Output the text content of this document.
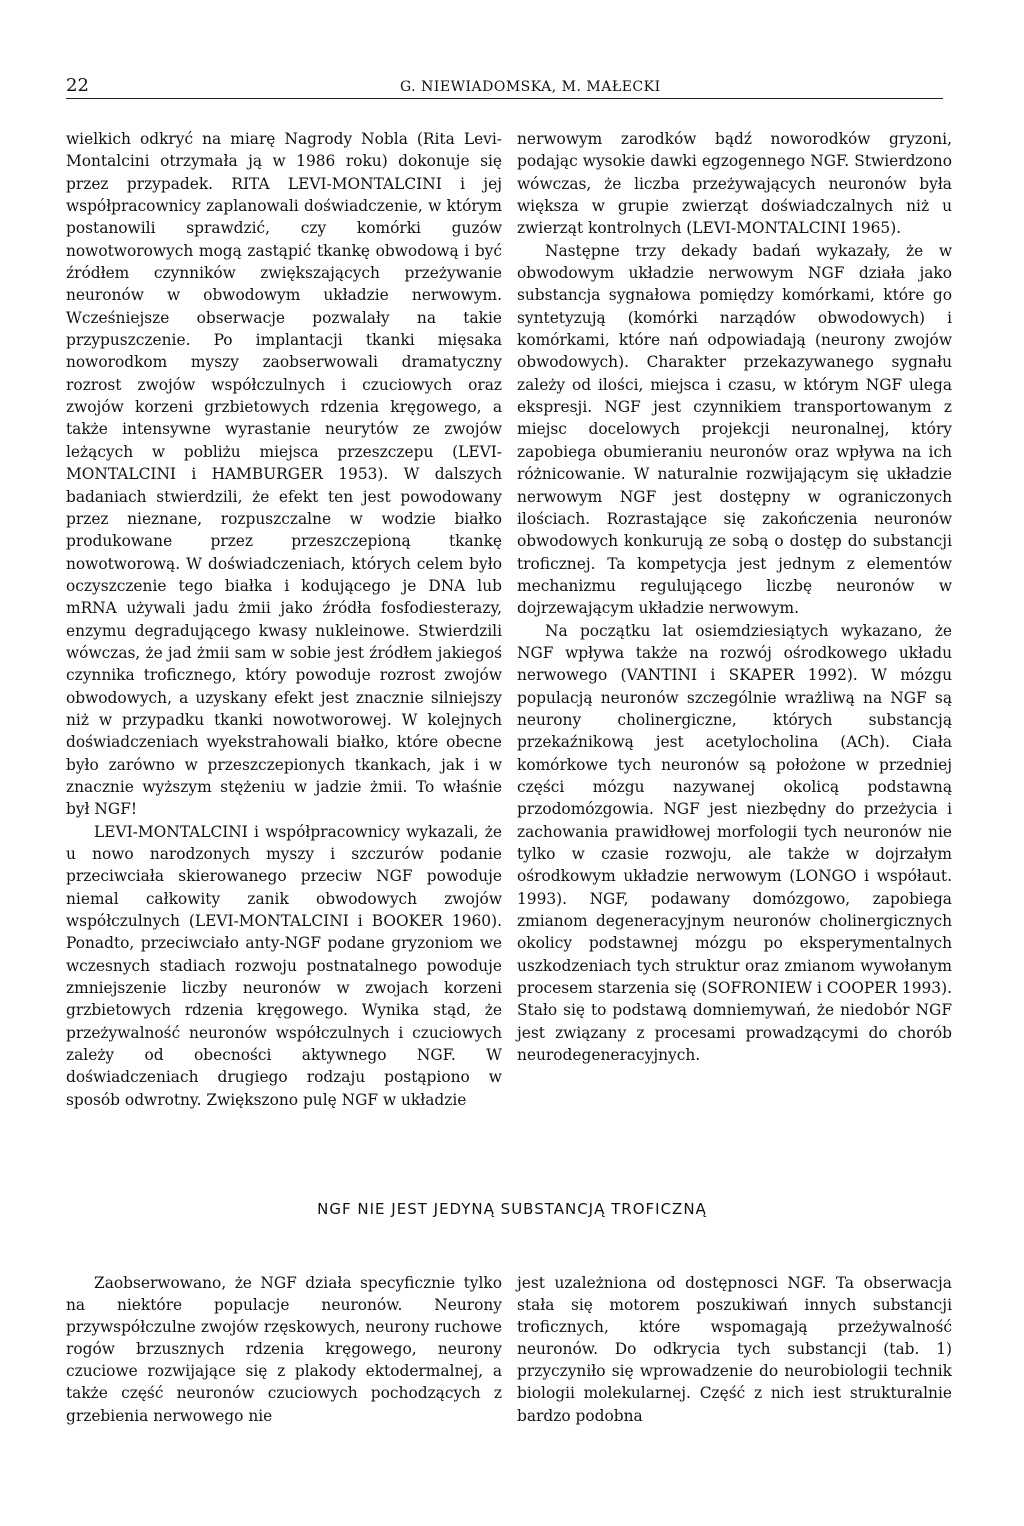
22	G. NIEWIADOMSKA, M. MAŁECKI

wielkich odkryć na miarę Nagrody Nobla (Rita Levi-Montalcini otrzymała ją w 1986 roku) dokonuje się przez przypadek. RITA LEVI-MONTALCINI i jej współpracownicy zaplanowali doświadczenie, w którym postanowili sprawdzić, czy komórki guzów nowotworowych mogą zastąpić tkankę obwodową i być źródłem czynników zwiększających przeżywanie neuronów w obwodowym układzie nerwowym. Wcześniejsze obserwacje pozwalały na takie przypuszczenie. Po implantacji tkanki mięsaka noworodkom myszy zaobserwowali dramatyczny rozrost zwojów współczulnych i czuciowych oraz zwojów korzeni grzbietowych rdzenia kręgowego, a także intensywne wyrastanie neurytów ze zwojów leżących w pobliżu miejsca przeszczepu (LEVI-MONTALCINI i HAMBURGER 1953). W dalszych badaniach stwierdzili, że efekt ten jest powodowany przez nieznane, rozpuszczalne w wodzie białko produkowane przez przeszczepioną tkankę nowotworową. W doświadczeniach, których celem było oczyszczenie tego białka i kodującego je DNA lub mRNA używali jadu żmii jako źródła fosfodiesterazy, enzymu degradującego kwasy nukleinowe. Stwierdzili wówczas, że jad żmii sam w sobie jest źródłem jakiegoś czynnika troficznego, który powoduje rozrost zwojów obwodowych, a uzyskany efekt jest znacznie silniejszy niż w przypadku tkanki nowotworowej. W kolejnych doświadczeniach wyekstrahowali białko, które obecne było zarówno w przeszczepionych tkankach, jak i w znacznie wyższym stężeniu w jadzie żmii. To właśnie był NGF!

LEVI-MONTALCINI i współpracownicy wykazali, że u nowo narodzonych myszy i szczurów podanie przeciwciała skierowanego przeciw NGF powoduje niemal całkowity zanik obwodowych zwojów współczulnych (LEVI-MONTALCINI i BOOKER 1960). Ponadto, przeciwciało anty-NGF podane gryzoniom we wczesnych stadiach rozwoju postnatalnego powoduje zmniejszenie liczby neuronów w zwojach korzeni grzbietowych rdzenia kręgowego. Wynika stąd, że przeżywalność neuronów współczulnych i czuciowych zależy od obecności aktywnego NGF. W doświadczeniach drugiego rodzaju postąpiono w sposób odwrotny. Zwiększono pulę NGF w układzie

nerwowym zarodków bądź noworodków gryzoni, podając wysokie dawki egzogennego NGF. Stwierdzono wówczas, że liczba przeżywających neuronów była większa w grupie zwierząt doświadczalnych niż u zwierząt kontrolnych (LEVI-MONTALCINI 1965).

Następne trzy dekady badań wykazały, że w obwodowym układzie nerwowym NGF działa jako substancja sygnałowa pomiędzy komórkami, które go syntetyzują (komórki narządów obwodowych) i komórkami, które nań odpowiadają (neurony zwojów obwodowych). Charakter przekazywanego sygnału zależy od ilości, miejsca i czasu, w którym NGF ulega ekspresji. NGF jest czynnikiem transportowanym z miejsc docelowych projekcji neuronalnej, który zapobiega obumieraniu neuronów oraz wpływa na ich różnicowanie. W naturalnie rozwijającym się układzie nerwowym NGF jest dostępny w ograniczonych ilościach. Rozrastające się zakończenia neuronów obwodowych konkurują ze sobą o dostęp do substancji troficznej. Ta kompetycja jest jednym z elementów mechanizmu regulującego liczbę neuronów w dojrzewającym układzie nerwowym.

Na początku lat osiemdziesiątych wykazano, że NGF wpływa także na rozwój ośrodkowego układu nerwowego (VANTINI i SKAPER 1992). W mózgu populacją neuronów szczególnie wrażliwą na NGF są neurony cholinergiczne, których substancją przekaźnikową jest acetylocholina (ACh). Ciała komórkowe tych neuronów są położone w przedniej części mózgu nazywanej okolicą podstawną przodomózgowia. NGF jest niezbędny do przeżycia i zachowania prawidłowej morfologii tych neuronów nie tylko w czasie rozwoju, ale także w dojrzałym ośrodkowym układzie nerwowym (LONGO i współaut. 1993). NGF, podawany domózgowo, zapobiega zmianom degeneracyjnym neuronów cholinergicznych okolicy podstawnej mózgu po eksperymentalnych uszkodzeniach tych struktur oraz zmianom wywołanym procesem starzenia się (SOFRONIEW i COOPER 1993). Stało się to podstawą domniemywań, że niedobór NGF jest związany z procesami prowadzącymi do chorób neurodegeneracyjnych.

NGF NIE JEST JEDYNĄ SUBSTANCJĄ TROFICZNĄ

Zaobserwowano, że NGF działa specyficznie tylko na niektóre populacje neuronów. Neurony przywspółczulne zwojów rzęskowych, neurony ruchowe rogów brzusznych rdzenia kręgowego, neurony czuciowe rozwijające się z plakody ektodermalnej, a także część neuronów czuciowych pochodzących z grzebienia nerwowego nie

jest uzależniona od dostępnosci NGF. Ta obserwacja stała się motorem poszukiwań innych substancji troficznych, które wspomagają przeżywalność neuronów. Do odkrycia tych substancji (tab. 1) przyczyniło się wprowadzenie do neurobiologii technik biologii molekularnej. Część z nich iest strukturalnie bardzo podobna
